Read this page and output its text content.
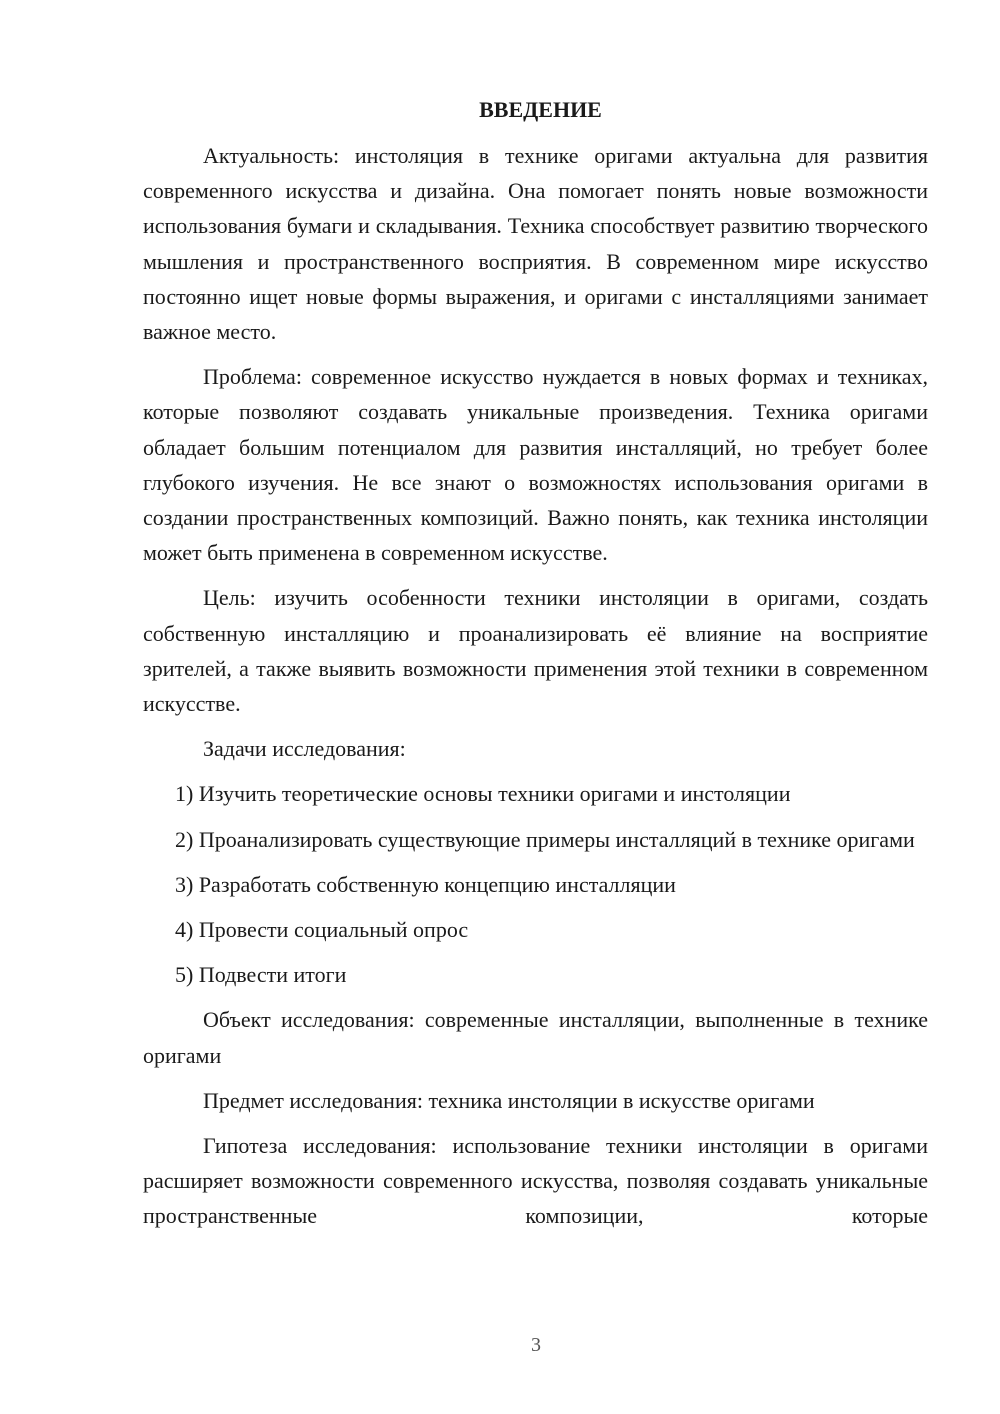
ВВЕДЕНИЕ

Актуальность: инстоляция в технике оригами актуальна для развития современного искусства и дизайна. Она помогает понять новые возможности использования бумаги и складывания. Техника способствует развитию творческого мышления и пространственного восприятия. В современном мире искусство постоянно ищет новые формы выражения, и оригами с инсталляциями занимает важное место.

Проблема: современное искусство нуждается в новых формах и техниках, которые позволяют создавать уникальные произведения. Техника оригами обладает большим потенциалом для развития инсталляций, но требует более глубокого изучения. Не все знают о возможностях использования оригами в создании пространственных композиций. Важно понять, как техника инстоляции может быть применена в современном искусстве.

Цель: изучить особенности техники инстоляции в оригами, создать собственную инсталляцию и проанализировать её влияние на восприятие зрителей, а также выявить возможности применения этой техники в современном искусстве.

Задачи исследования:

1) Изучить теоретические основы техники оригами и инстоляции

2) Проанализировать существующие примеры инсталляций в технике оригами

3) Разработать собственную концепцию инсталляции

4) Провести социальный опрос

5) Подвести итоги

Объект исследования: современные инсталляции, выполненные в технике оригами

Предмет исследования: техника инстоляции в искусстве оригами

Гипотеза исследования: использование техники инстоляции в оригами расширяет возможности современного искусства, позволяя создавать уникальные пространственные композиции, которые

3
